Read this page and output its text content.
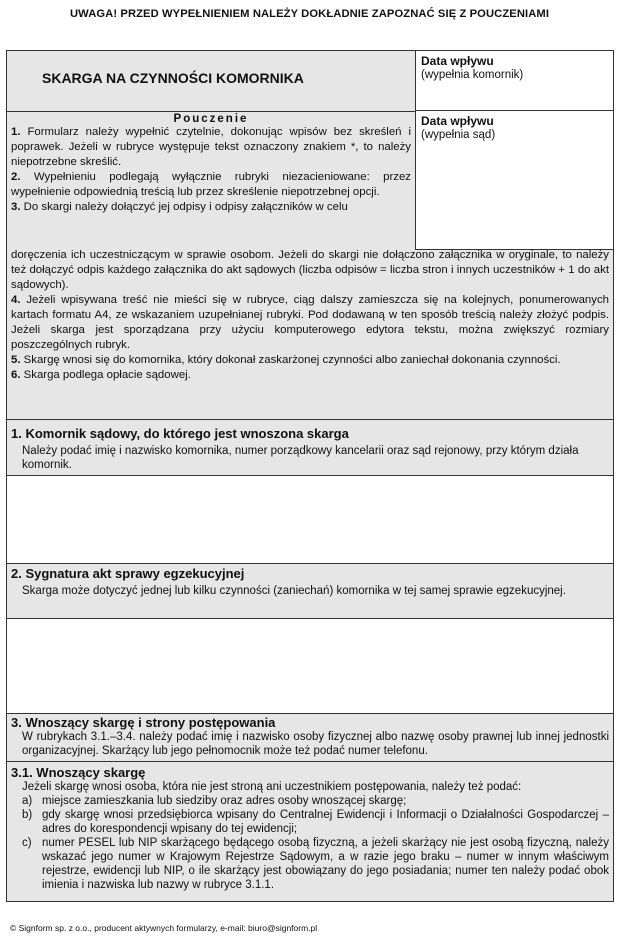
UWAGA! PRZED WYPEŁNIENIEM NALEŻY DOKŁADNIE ZAPOZNAĆ SIĘ Z POUCZENIAMI
Data wpływu
(wypełnia komornik)
Data wpływu
(wypełnia sąd)
SKARGA NA CZYNNOŚCI KOMORNIKA
Pouczenie
1. Formularz należy wypełnić czytelnie, dokonując wpisów bez skreśleń i poprawek. Jeżeli w rubryce występuje tekst oznaczony znakiem *, to należy niepotrzebne skreślić.
2. Wypełnieniu podlegają wyłącznie rubryki niezacieniowane: przez wypełnienie odpowiednią treścią lub przez skreślenie niepotrzebnej opcji.
3. Do skargi należy dołączyć jej odpisy i odpisy załączników w celu
doręczenia ich uczestniczącym w sprawie osobom. Jeżeli do skargi nie dołączono załącznika w oryginale, to należy też dołączyć odpis każdego załącznika do akt sądowych (liczba odpisów = liczba stron i innych uczestników + 1 do akt sądowych).
4. Jeżeli wpisywana treść nie mieści się w rubryce, ciąg dalszy zamieszcza się na kolejnych, ponumerowanych kartach formatu A4, ze wskazaniem uzupełnianej rubryki. Pod dodawaną w ten sposób treścią należy złożyć podpis. Jeżeli skarga jest sporządzana przy użyciu komputerowego edytora tekstu, można zwiększyć rozmiary poszczególnych rubryk.
5. Skargę wnosi się do komornika, który dokonał zaskarżonej czynności albo zaniechał dokonania czynności.
6. Skarga podlega opłacie sądowej.
1. Komornik sądowy, do którego jest wnoszona skarga
Należy podać imię i nazwisko komornika, numer porządkowy kancelarii oraz sąd rejonowy, przy którym działa komornik.
2. Sygnatura akt sprawy egzekucyjnej
Skarga może dotyczyć jednej lub kilku czynności (zaniechań) komornika w tej samej sprawie egzekucyjnej.
3. Wnoszący skargę i strony postępowania
W rubrykach 3.1.–3.4. należy podać imię i nazwisko osoby fizycznej albo nazwę osoby prawnej lub innej jednostki organizacyjnej. Skarżący lub jego pełnomocnik może też podać numer telefonu.
3.1. Wnoszący skargę
Jeżeli skargę wnosi osoba, która nie jest stroną ani uczestnikiem postępowania, należy też podać:
a) miejsce zamieszkania lub siedziby oraz adres osoby wnoszącej skargę;
b) gdy skargę wnosi przedsiębiorca wpisany do Centralnej Ewidencji i Informacji o Działalności Gospodarczej – adres do korespondencji wpisany do tej ewidencji;
c) numer PESEL lub NIP skarżącego będącego osobą fizyczną, a jeżeli skarżący nie jest osobą fizyczną, należy wskazać jego numer w Krajowym Rejestrze Sądowym, a w razie jego braku – numer w innym właściwym rejestrze, ewidencji lub NIP, o ile skarżący jest obowiązany do jego posiadania; numer ten należy podać obok imienia i nazwiska lub nazwy w rubryce 3.1.1.
© Signform sp. z o.o., producent aktywnych formularzy, e-mail: biuro@signform.pl
